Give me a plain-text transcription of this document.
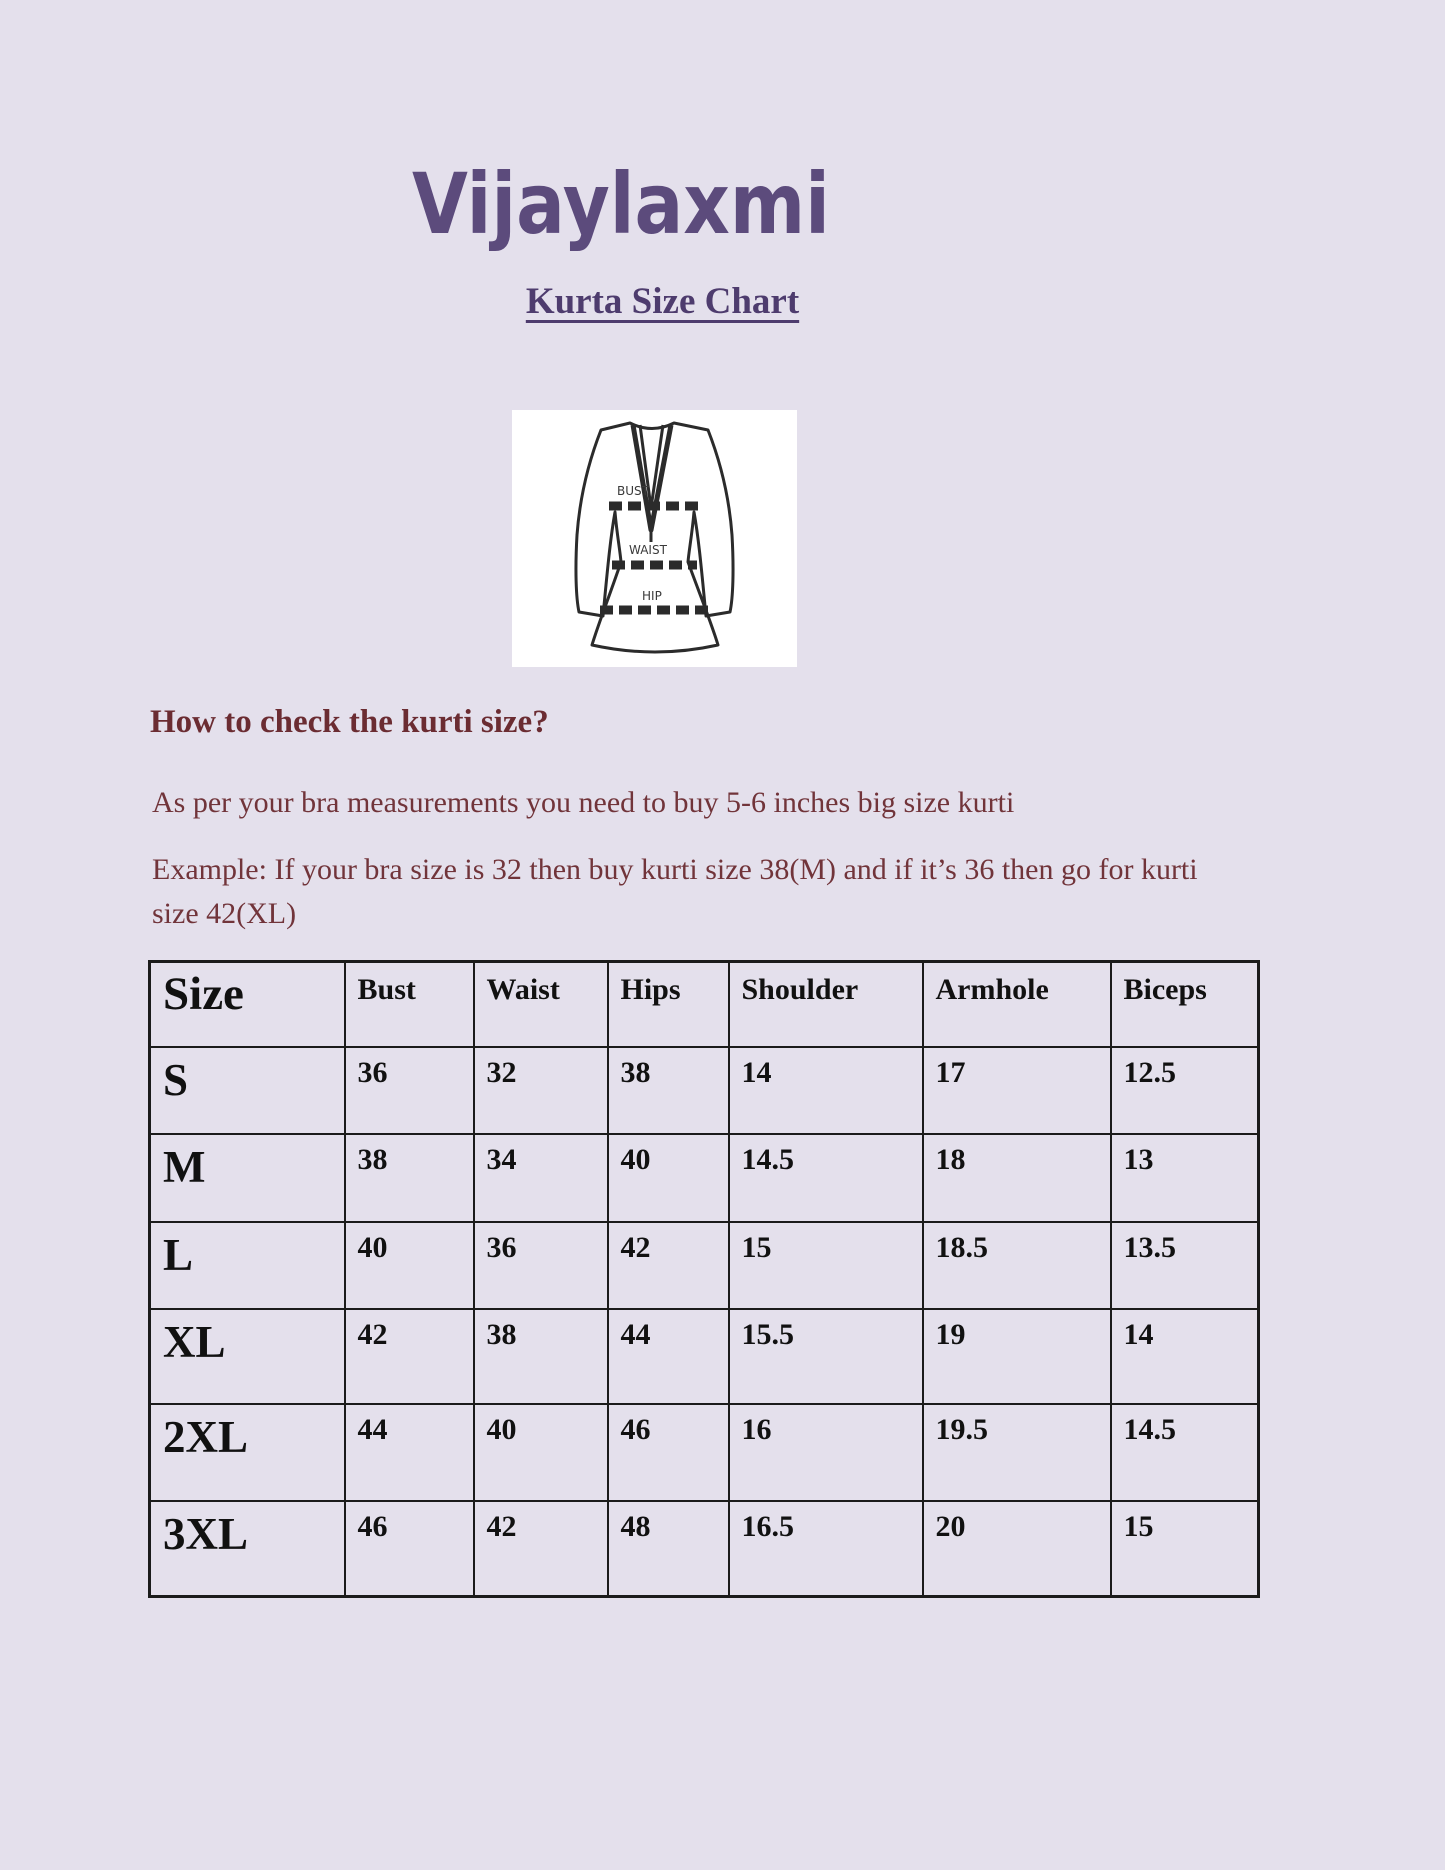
Vijaylaxmi
Kurta Size Chart
BUST
WAIST
HIP
How to check the kurti size?

As per your bra measurements you need to buy 5-6 inches big size kurti

Example: If your bra size is 32 then buy kurti size 38(M) and if it’s 36 then go for kurti size 42(XL)

Size	Bust	Waist	Hips	Shoulder	Armhole	Biceps
S	36	32	38	14	17	12.5
M	38	34	40	14.5	18	13
L	40	36	42	15	18.5	13.5
XL	42	38	44	15.5	19	14
2XL	44	40	46	16	19.5	14.5
3XL	46	42	48	16.5	20	15
